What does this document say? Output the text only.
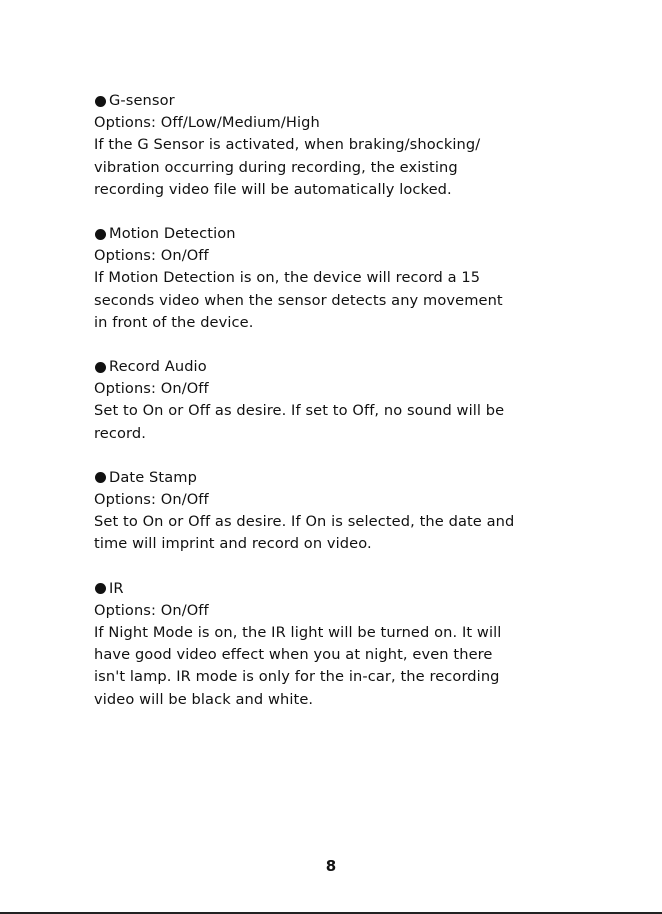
G-sensor
Options: Off/Low/Medium/High
If the G Sensor is activated, when braking/shocking/
vibration occurring during recording, the existing
recording video file will be automatically locked.
Motion Detection
Options: On/Off
If Motion Detection is on, the device will record a 15
seconds video when the sensor detects any movement
in front of the device.
Record Audio
Options: On/Off
Set to On or Off as desire. If set to Off, no sound will be
record.
Date Stamp
Options: On/Off
Set to On or Off as desire. If On is selected, the date and
time will imprint and record on video.
IR
Options: On/Off
If Night Mode is on, the IR light will be turned on. It will
have good video effect when you at night, even there
isn't lamp. IR mode is only for the in-car, the recording
video will be black and white.
8
